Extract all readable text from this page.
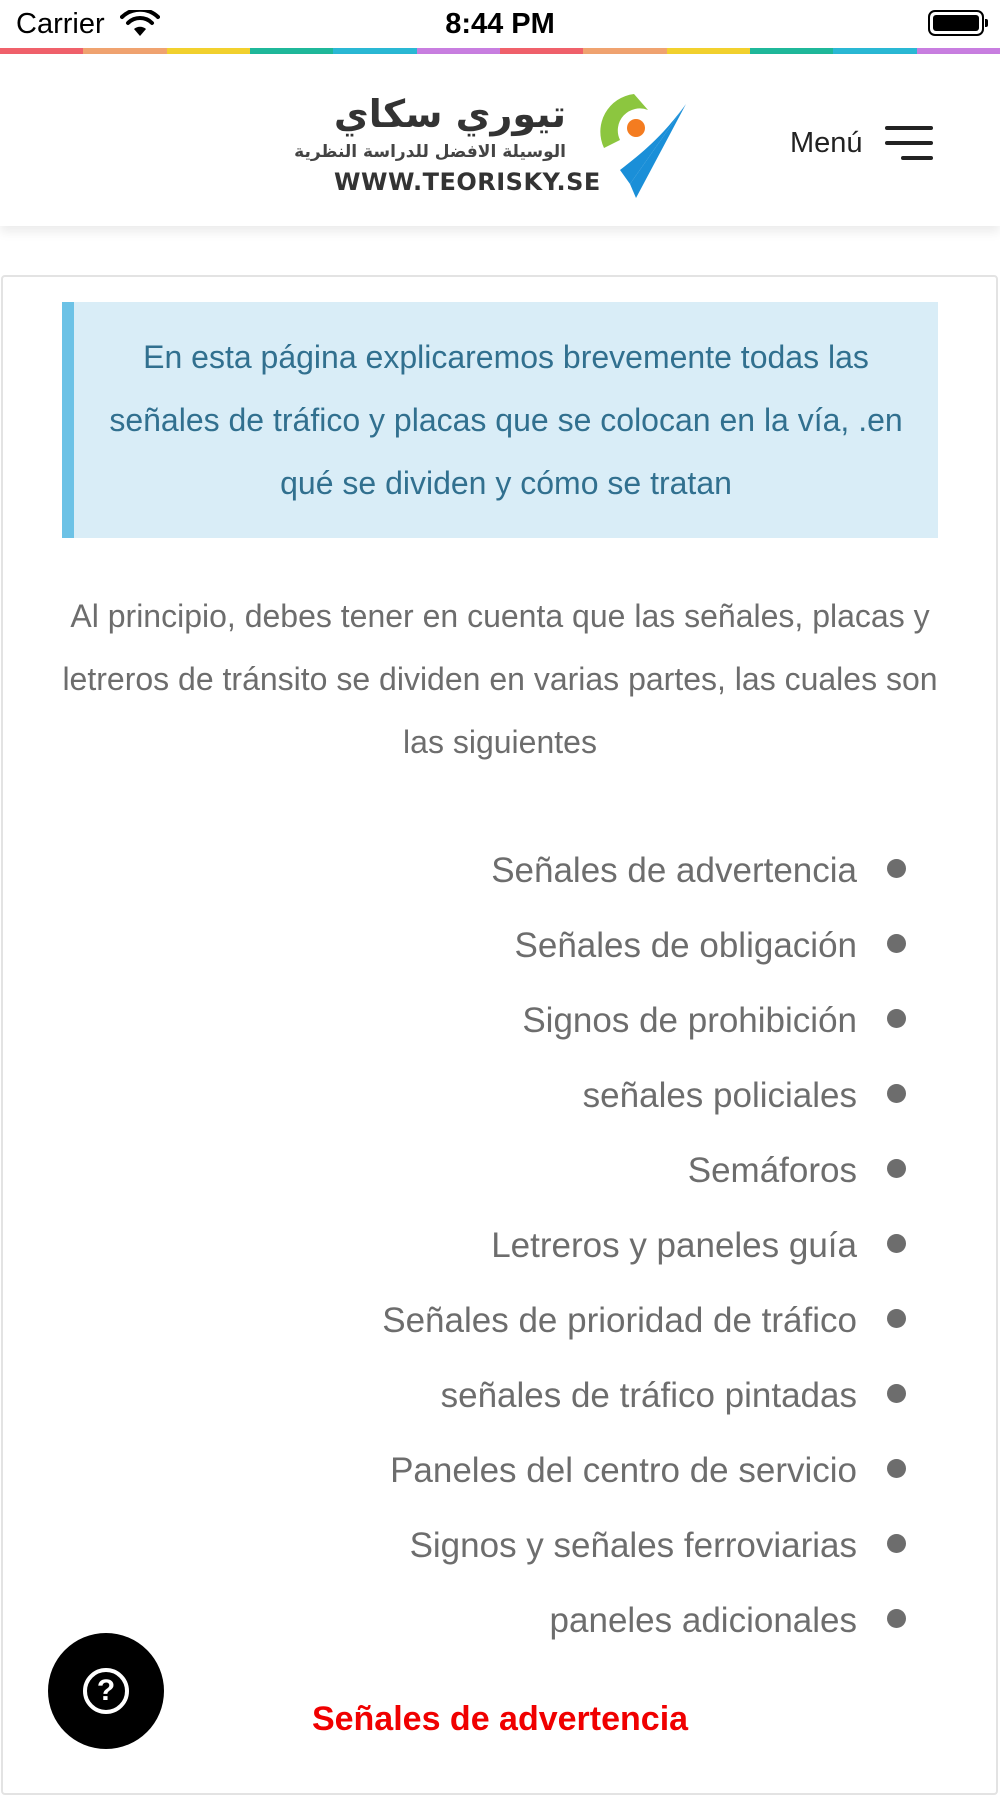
Carrier	8:44 PM
تيوري سكاي
الوسيلة الافضل للدراسة النظرية
WWW.TEORISKY.SE
Menú
En esta página explicaremos brevemente todas las señales de tráfico y placas que se colocan en la vía, .en qué se dividen y cómo se tratan
Al principio, debes tener en cuenta que las señales, placas y letreros de tránsito se dividen en varias partes, las cuales son las siguientes
Señales de advertencia
Señales de obligación
Signos de prohibición
señales policiales
Semáforos
Letreros y paneles guía
Señales de prioridad de tráfico
señales de tráfico pintadas
Paneles del centro de servicio
Signos y señales ferroviarias
paneles adicionales
Señales de advertencia
?
